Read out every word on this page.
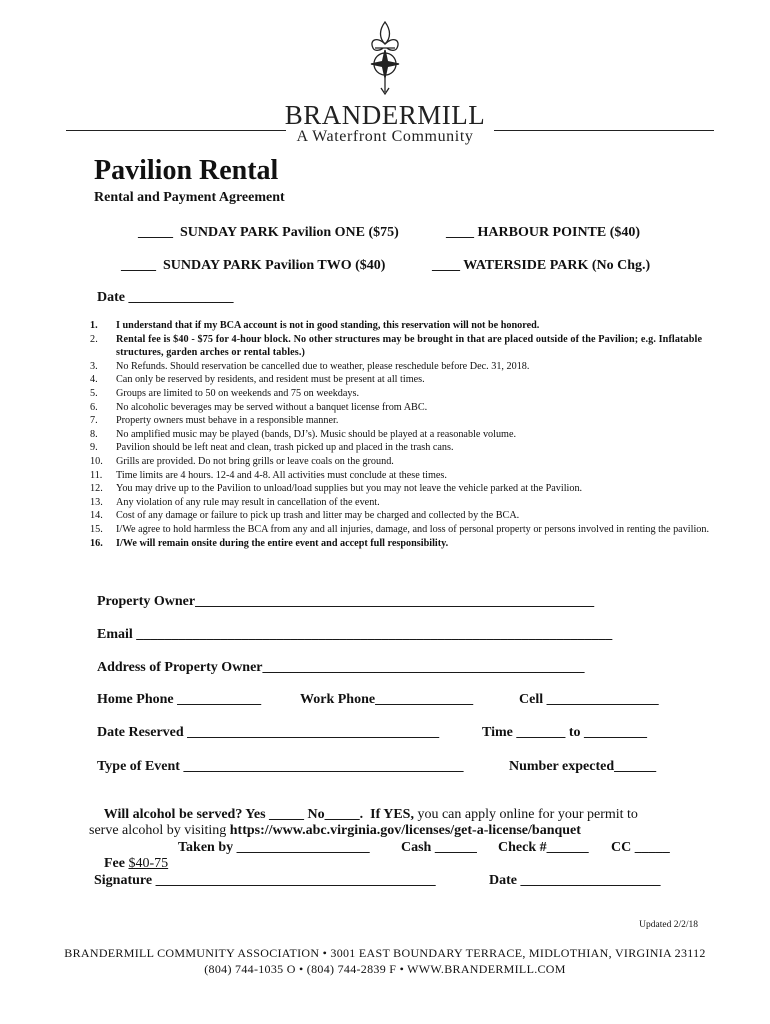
BRANDERMILL
A Waterfront Community
Pavilion Rental
Rental and Payment Agreement
_____  SUNDAY PARK Pavilion ONE ($75)	____ HARBOUR POINTE ($40)
_____  SUNDAY PARK Pavilion TWO ($40)	____ WATERSIDE PARK (No Chg.)
Date _______________
1. I understand that if my BCA account is not in good standing, this reservation will not be honored.
2. Rental fee is $40 - $75 for 4-hour block. No other structures may be brought in that are placed outside of the Pavilion; e.g. Inflatable structures, garden arches or rental tables.)
3. No Refunds. Should reservation be cancelled due to weather, please reschedule before Dec. 31, 2018.
4. Can only be reserved by residents, and resident must be present at all times.
5. Groups are limited to 50 on weekends and 75 on weekdays.
6. No alcoholic beverages may be served without a banquet license from ABC.
7. Property owners must behave in a responsible manner.
8. No amplified music may be played (bands, DJ’s). Music should be played at a reasonable volume.
9. Pavilion should be left neat and clean, trash picked up and placed in the trash cans.
10. Grills are provided. Do not bring grills or leave coals on the ground.
11. Time limits are 4 hours. 12-4 and 4-8. All activities must conclude at these times.
12. You may drive up to the Pavilion to unload/load supplies but you may not leave the vehicle parked at the Pavilion.
13. Any violation of any rule may result in cancellation of the event.
14. Cost of any damage or failure to pick up trash and litter may be charged and collected by the BCA.
15. I/We agree to hold harmless the BCA from any and all injuries, damage, and loss of personal property or persons involved in renting the pavilion.
16. I/We will remain onsite during the entire event and accept full responsibility.
Property Owner_________________________________________________________
Email ____________________________________________________________________
Address of Property Owner______________________________________________
Home Phone ____________	Work Phone______________	Cell ________________
Date Reserved ____________________________________	Time _______ to _________
Type of Event ________________________________________	Number expected______

Will alcohol be served? Yes _____ No_____. If YES, you can apply online for your permit to

serve alcohol by visiting https://www.abc.virginia.gov/licenses/get-a-license/banquet

Fee $40-75

Taken by ___________________ Cash ______ Check #______ CC _____
Signature ________________________________________	Date ____________________
Updated 2/2/18
BRANDERMILL COMMUNITY ASSOCIATION • 3001 EAST BOUNDARY TERRACE, MIDLOTHIAN, VIRGINIA 23112
(804) 744-1035 O • (804) 744-2839 F • WWW.BRANDERMILL.COM
